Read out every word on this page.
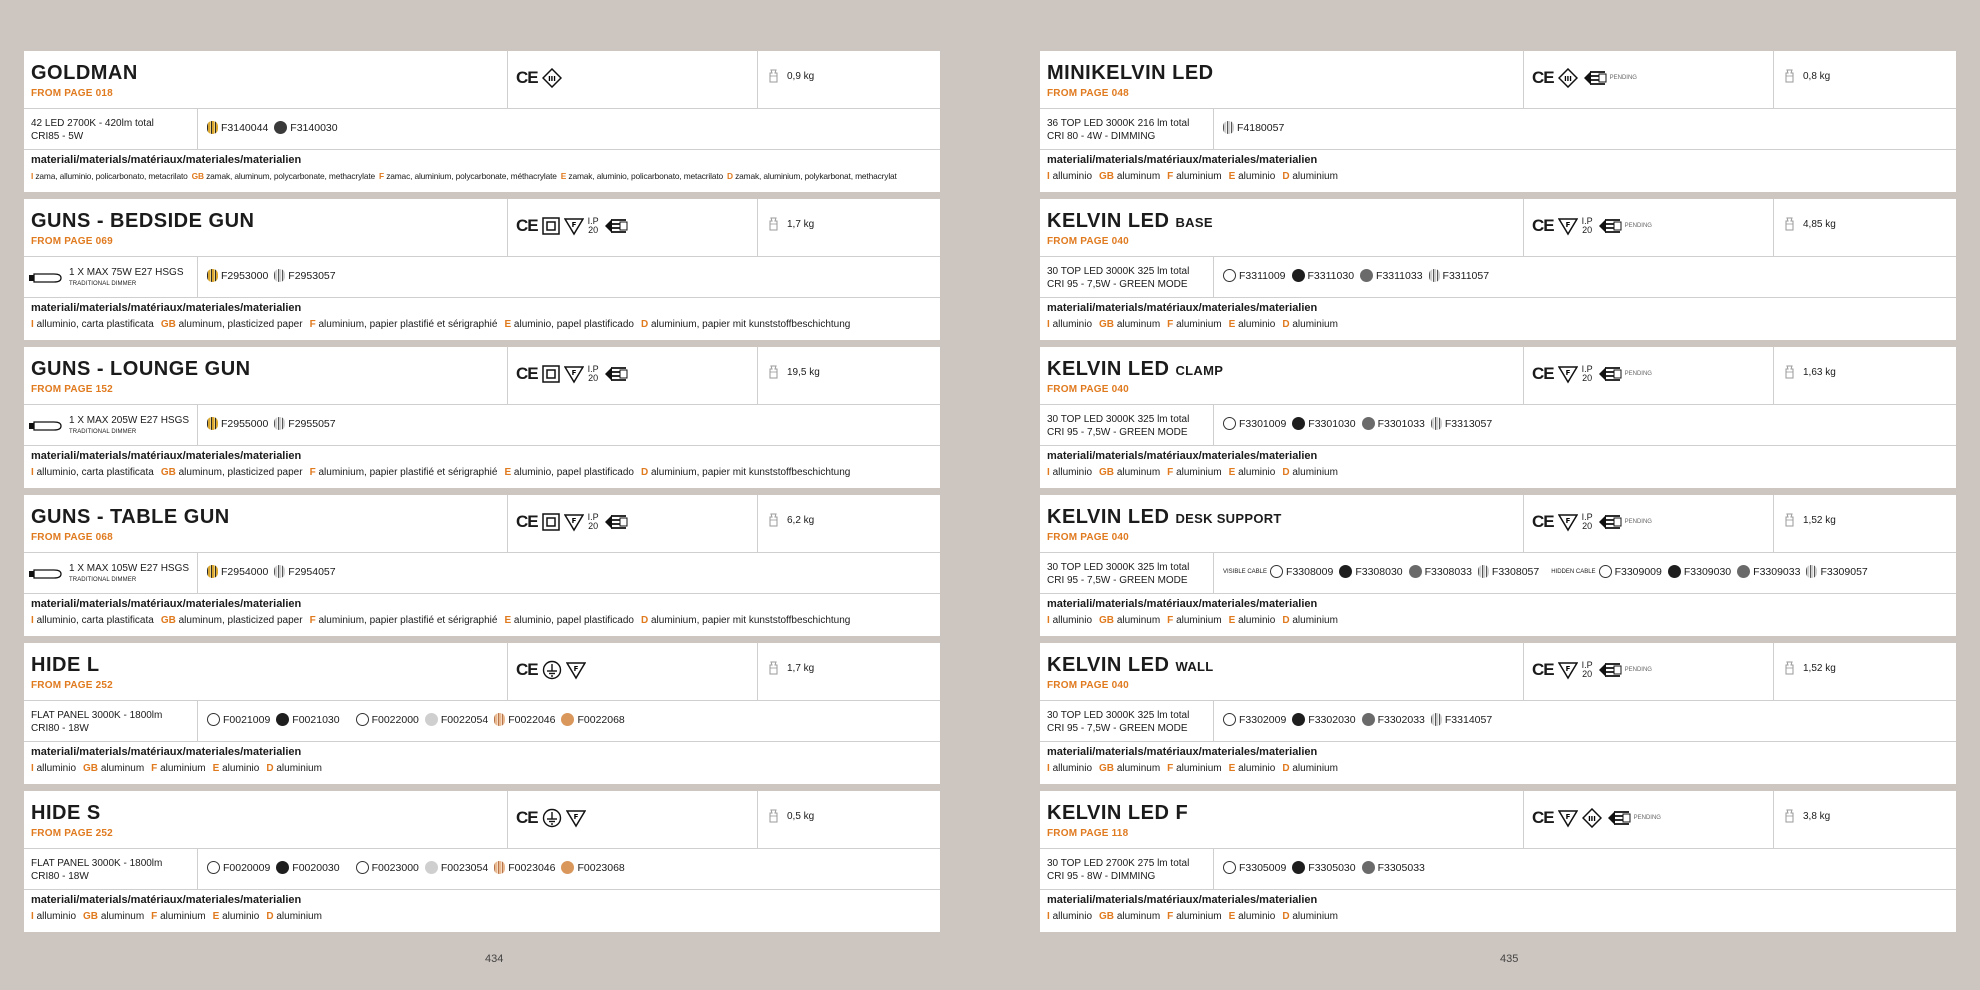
GOLDMAN
FROM PAGE 018
CE III	0,9 kg
42 LED 2700K - 420lm total
CRI85 - 5W
F3140044 F3140030
materiali/materials/matériaux/materiales/materialien
I zama, alluminio, policarbonato, metacrilato GB zamak, aluminum, polycarbonate, methacrylate F zamac, aluminium, polycarbonate, méthacrylate E zamak, aluminio, policarbonato, metacrilato D zamak, aluminium, polykarbonat, methacrylat
GUNS - BEDSIDE GUN
FROM PAGE 069
CE	F I.P
20
1,7 kg
1 X MAX 75W E27 HSGS
TRADITIONAL DIMMER
F2953000 F2953057
materiali/materials/matériaux/materiales/materialien
I alluminio, carta plastificata GB aluminum, plasticized paper F aluminium, papier plastifié et sérigraphié E aluminio, papel plastificado D aluminium, papier mit kunststoffbeschichtung
GUNS - LOUNGE GUN
FROM PAGE 152
CE	F I.P
20
19,5 kg
1 X MAX 205W E27 HSGS
TRADITIONAL DIMMER
F2955000 F2955057
materiali/materials/matériaux/materiales/materialien
I alluminio, carta plastificata GB aluminum, plasticized paper F aluminium, papier plastifié et sérigraphié E aluminio, papel plastificado D aluminium, papier mit kunststoffbeschichtung
GUNS - TABLE GUN
FROM PAGE 068
CE	F I.P
20
6,2 kg
1 X MAX 105W E27 HSGS
TRADITIONAL DIMMER
F2954000 F2954057
materiali/materials/matériaux/materiales/materialien
I alluminio, carta plastificata GB aluminum, plasticized paper F aluminium, papier plastifié et sérigraphié E aluminio, papel plastificado D aluminium, papier mit kunststoffbeschichtung
HIDE L
FROM PAGE 252
CE	F	1,7 kg
FLAT PANEL 3000K - 1800lm
CRI80 - 18W
F0021009 F0021030	F0022000 F0022054 F0022046 F0022068
materiali/materials/matériaux/materiales/materialien
I alluminio GB aluminum F aluminium E aluminio D aluminium
HIDE S
FROM PAGE 252
CE	F	0,5 kg
FLAT PANEL 3000K - 1800lm
CRI80 - 18W
F0020009 F0020030	F0023000 F0023054 F0023046 F0023068
materiali/materials/matériaux/materiales/materialien
I alluminio GB aluminum F aluminium E aluminio D aluminium
MINIKELVIN LED
FROM PAGE 048
CE III	PENDING	0,8 kg
36 TOP LED 3000K 216 lm total
CRI 80 - 4W - DIMMING
F4180057
materiali/materials/matériaux/materiales/materialien
I alluminio GB aluminum F aluminium E aluminio D aluminium
KELVIN LED BASE
FROM PAGE 040
CE F I.P
20	PENDING	4,85 kg
30 TOP LED 3000K 325 lm total
CRI 95 - 7,5W - GREEN MODE
F3311009 F3311030 F3311033 F3311057
materiali/materials/matériaux/materiales/materialien
I alluminio GB aluminum F aluminium E aluminio D aluminium
KELVIN LED CLAMP
FROM PAGE 040
CE F I.P
20	PENDING	1,63 kg
30 TOP LED 3000K 325 lm total
CRI 95 - 7,5W - GREEN MODE
F3301009 F3301030 F3301033 F3313057
materiali/materials/matériaux/materiales/materialien
I alluminio GB aluminum F aluminium E aluminio D aluminium
KELVIN LED DESK SUPPORT
FROM PAGE 040
CE F I.P
20	PENDING	1,52 kg
30 TOP LED 3000K 325 lm total
CRI 95 - 7,5W - GREEN MODE
VISIBLE CABLE F3308009 F3308030 F3308033 F3308057 HIDDEN CABLE F3309009 F3309030 F3309033 F3309057
materiali/materials/matériaux/materiales/materialien
I alluminio GB aluminum F aluminium E aluminio D aluminium
KELVIN LED WALL
FROM PAGE 040
CE F I.P
20	PENDING	1,52 kg
30 TOP LED 3000K 325 lm total
CRI 95 - 7,5W - GREEN MODE
F3302009 F3302030 F3302033 F3314057
materiali/materials/matériaux/materiales/materialien
I alluminio GB aluminum F aluminium E aluminio D aluminium
KELVIN LED F
FROM PAGE 118
CE F	III	PENDING	3,8 kg
30 TOP LED 2700K 275 lm total
CRI 95 - 8W - DIMMING
F3305009 F3305030 F3305033
materiali/materials/matériaux/materiales/materialien
I alluminio GB aluminum F aluminium E aluminio D aluminium
434	435
